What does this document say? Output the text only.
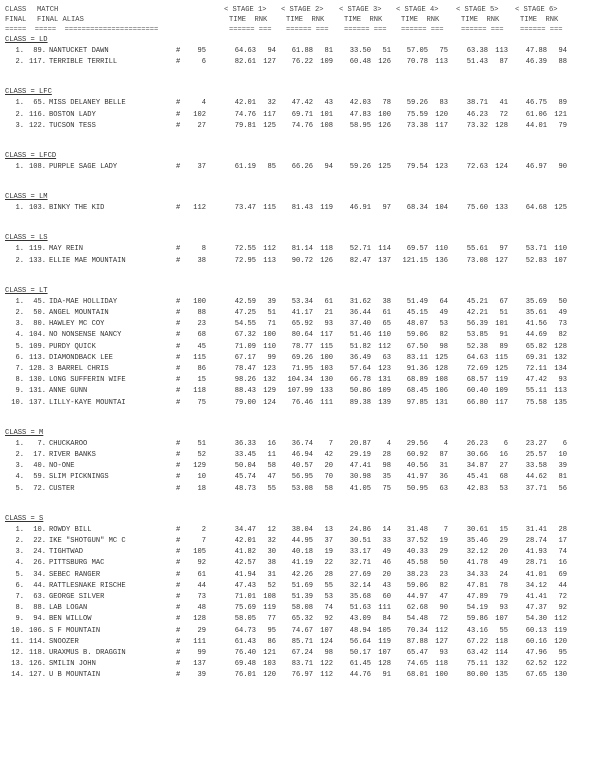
CLASS MATCH	< STAGE 1> < STAGE 2> < STAGE 3> < STAGE 4> < STAGE 5> < STAGE 6>
FINAL FINAL ALIAS	TIME  RNK	TIME  RNK	TIME  RNK	TIME  RNK	TIME  RNK	TIME  RNK
=====  =====  ======================	====== === ====== === ====== === ====== === ====== === ====== ===
CLASS = LD
1.	89. NANTUCKET DAWN	#	95	64.63	94	61.88	81	33.50	51	57.05	75	63.38 113	47.88	94
2. 117. TERRIBLE TERRILL	#	6	82.61 127	76.22 109	60.48 126	70.78 113	51.43	87	46.39	88
CLASS = LFC
1.	65. MISS DELANEY BELLE	#	4	42.01	32	47.42	43	42.03	78	59.26	83	38.71	41	46.75	89
2. 116. BOSTON LADY	#	102	74.76 117	69.71 101	47.83 100	75.59 120	46.23	72	61.06 121
3. 122. TUCSON TESS	#	27	79.81 125	74.76 108	58.95 126	73.38 117	73.32 128	44.01	79
CLASS = LFCD
1. 108. PURPLE SAGE LADY	#	37	61.19	85	66.26	94	59.26 125	79.54 123	72.63 124	46.97	90
CLASS = LM
1. 103. BINKY THE KID	#	112	73.47 115	81.43 119	46.91	97	68.34 104	75.60 133	64.68 125
CLASS = LS
1. 119. MAY REIN	#	8	72.55 112	81.14 118	52.71 114	69.57 110	55.61	97	53.71 110
2. 133. ELLIE MAE MOUNTAIN	#	38	72.95 113	90.72 126	82.47 137	121.15 136	73.08 127	52.83 107
CLASS = LT
1.	45. IDA-MAE HOLLIDAY	#	100	42.59	39	53.34	61	31.62	38	51.49	64	45.21	67	35.69	50
2.	50. ANGEL MOUNTAIN	#	88	47.25	51	41.17	21	36.44	61	45.15	49	42.21	51	35.61	49
3.	80. HAWLEY MC COY	#	23	54.55	71	65.92	93	37.40	65	48.07	53	56.39 101	41.56	73
4. 104. NO NONSENSE NANCY	#	68	67.32 100	80.64 117	51.46 110	59.06	82	53.85	91	44.69	82
5. 109. PURDY QUICK	#	45	71.09 110	78.77 115	51.82 112	67.50	98	52.38	89	65.82 128
6. 113. DIAMONDBACK LEE	#	115	67.17	99	69.26 100	36.49	63	83.11 125	64.63 115	69.31 132
7. 128. 3 BARREL CHRIS	#	86	78.47 123	71.95 103	57.64 123	91.36 128	72.69 125	72.11 134
8. 130. LONG SUFFERIN WIFE	#	15	98.26 132	104.34 130	66.78 131	68.89 108	68.57 119	47.42	93
9. 131. ANNE GUNN	#	118	88.43 129	107.99 133	50.86 109	68.45 106	60.40 109	55.11 113
10. 137. LILLY-KAYE MOUNTAI	#	75	79.00 124	76.46 111	89.38 139	97.85 131	66.80 117	75.58 135
CLASS = M
1.	7. CHUCKAROO	#	51	36.33	16	36.74	7	20.87	4	29.56	4	26.23	6	23.27	6
2.	17. RIVER BANKS	#	52	33.45	11	46.94	42	29.19	28	60.92	87	30.66	16	25.57	10
3.	40. NO-ONE	#	129	50.04	58	40.57	20	47.41	98	40.56	31	34.87	27	33.58	39
4.	59. SLIM PICKNINGS	#	10	45.74	47	56.95	70	30.98	35	41.97	36	45.41	68	44.62	81
5.	72. CUSTER	#	18	48.73	55	53.08	58	41.05	75	50.95	63	42.83	53	37.71	56
CLASS = S
1.	10. ROWDY BILL	#	2	34.47	12	38.04	13	24.86	14	31.48	7	30.61	15	31.41	28
2.	22. IKE "SHOTGUN" MC C	#	7	42.01	32	44.95	37	30.51	33	37.52	19	35.46	29	28.74	17
3.	24. TIGHTWAD	#	105	41.82	30	40.18	19	33.17	49	40.33	29	32.12	20	41.93	74
4.	26. PITTSBURG MAC	#	92	42.57	38	41.19	22	32.71	46	45.58	50	41.78	49	28.71	16
5.	34. SEBEC RANGER	#	61	41.94	31	42.26	28	27.69	20	38.23	23	34.33	24	41.01	69
6.	44. RATTLESNAKE RISCHE	#	44	47.43	52	51.69	55	32.14	43	59.06	82	47.81	78	34.12	44
7.	63. GEORGE SILVER	#	73	71.01 108	51.39	53	35.68	60	44.97	47	47.89	79	41.41	72
8.	88. LAB LOGAN	#	48	75.69 119	58.08	74	51.63 111	62.68	90	54.19	93	47.37	92
9.	94. BEN WILLOW	#	128	58.05	77	65.32	92	43.09	84	54.48	72	59.86 107	54.30 112
10. 106. S F MOUNTAIN	#	29	64.73	95	74.67 107	48.94 105	70.34 112	43.16	55	60.13 119
11. 114. SNOOZER	#	111	61.43	86	85.71 124	56.64 119	87.88 127	67.22 118	60.16 120
12. 118. URAXMUS B. DRAGGIN	#	99	76.40 121	67.24	98	50.17 107	65.47	93	63.42 114	47.96	95
13. 126. SMILIN JOHN	#	137	69.48 103	83.71 122	61.45 128	74.65 118	75.11 132	62.52 122
14. 127. U B MOUNTAIN	#	39	76.01 120	76.97 112	44.76	91	68.01 100	80.00 135	67.65 130
